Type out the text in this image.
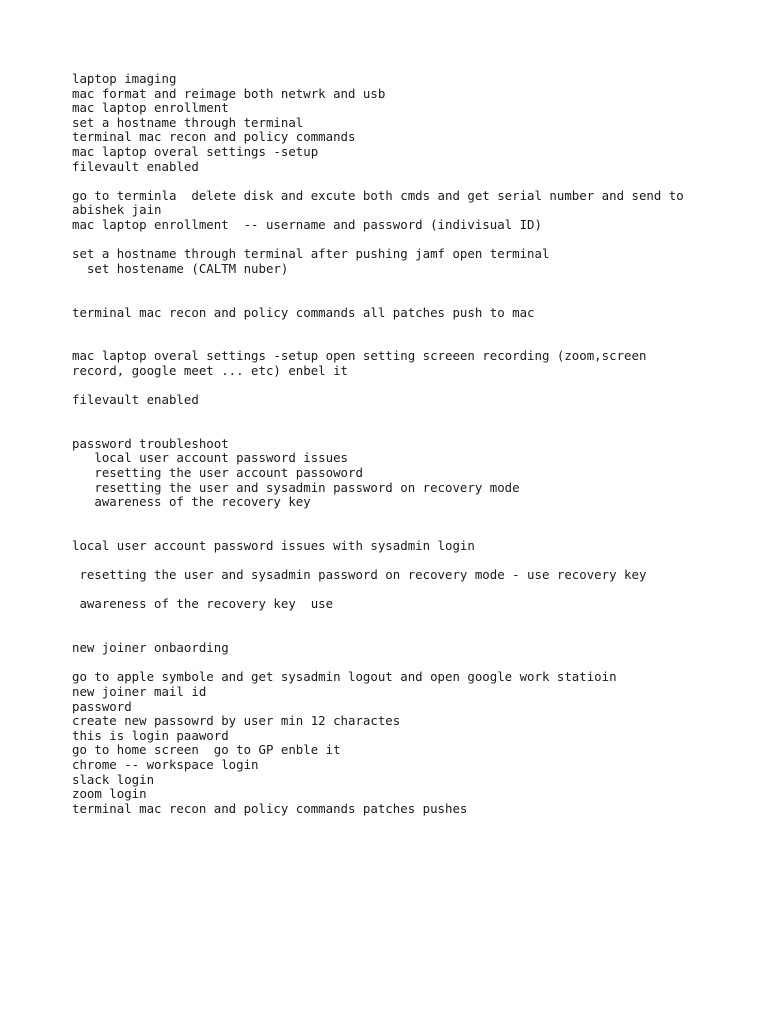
laptop imaging
mac format and reimage both netwrk and usb
mac laptop enrollment
set a hostname through terminal
terminal mac recon and policy commands
mac laptop overal settings -setup
filevault enabled
go to terminla  delete disk and excute both cmds and get serial number and send to
abishek jain
mac laptop enrollment  -- username and password (indivisual ID)
set a hostname through terminal after pushing jamf open terminal
set hostename (CALTM nuber)
terminal mac recon and policy commands all patches push to mac
mac laptop overal settings -setup open setting screeen recording (zoom,screen
record, google meet ... etc) enbel it
filevault enabled
password troubleshoot
local user account password issues
resetting the user account passoword
resetting the user and sysadmin password on recovery mode
awareness of the recovery key
local user account password issues with sysadmin login
resetting the user and sysadmin password on recovery mode - use recovery key
awareness of the recovery key  use
new joiner onbaording
go to apple symbole and get sysadmin logout and open google work statioin
new joiner mail id
password
create new passowrd by user min 12 charactes
this is login paaword
go to home screen  go to GP enble it
chrome -- workspace login
slack login
zoom login
terminal mac recon and policy commands patches pushes
